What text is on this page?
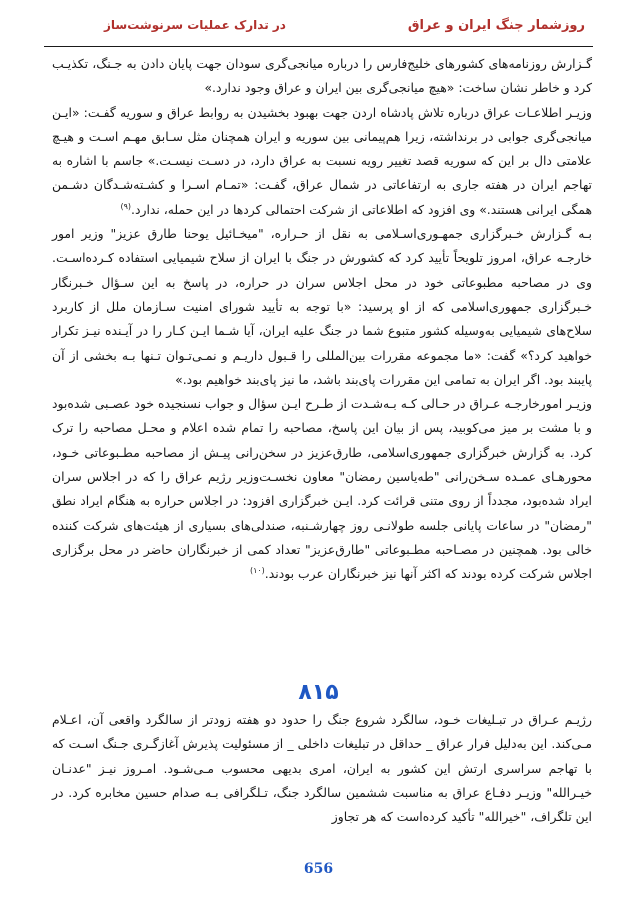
روزشمار جنگ ایران و عراق
در تدارک عملیات سرنوشت‌ساز

گـزارش روزنامه‌های کشورهای خلیج‌فارس را درباره میانجی‌گری سودان جهت پایان دادن به جـنگ، تکذیـب کرد و خاطر نشان ساخت: «هیچ میانجی‌گری بین ایران و عراق وجود ندارد.»

وزیـر اطلاعـات عراق درباره تلاش پادشاه اردن جهت بهبود بخشیدن به روابط عراق و سوریه گفـت: «ایـن میانجی‌گری جوابی در برنداشته، زیرا هم‌پیمانی بین سوریه و ایران همچنان مثل سـابق مهـم اسـت و هیـچ علامتی دال بر این که سوریه قصد تغییر رویه نسبت به عراق دارد، در دسـت نیسـت.» جاسم با اشاره به تهاجم ایران در هفته جاری به ارتفاعاتی در شمال عراق، گفـت: «تمـام اسـرا و کشـته‌شـدگان دشـمن همگی ایرانی هستند.» وی افزود که اطلاعاتی از شرکت احتمالی کردها در این حمله، ندارد.$^{(۹)}$

بـه گـزارش خـبرگزاری جمهـوری‌اسـلامی به نقل از حـراره، "میخـائیل یوحنا طارق عزیز" وزیر امور خارجـه عراق، امروز تلویحاً تأیید کرد که کشورش در جنگ با ایران از سلاح شیمیایی استفاده کـرده‌اسـت. وی در مصاحبه مطبوعاتی خود در محل اجلاس سران در حراره، در پاسخ به این سـؤال خـبرنگار خـبرگزاری جمهوری‌اسلامی که از او پرسید: «با توجه به تأیید شورای امنیت سـازمان ملل از کاربرد سلاح‌های شیمیایی به‌وسیله کشور متبوع شما در جنگ علیه ایران، آیا شـما ایـن کـار را در آیـنده نیـز تکرار خواهید کرد؟» گفت: «ما مجموعه مقررات بین‌المللی را قـبول داریـم و نمـی‌تـوان تـنها بـه بخشی از آن پایبند بود. اگر ایران به تمامی این مقررات پای‌بند باشد، ما نیز پای‌بند خواهیم بود.»

وزیـر امورخارجـه عـراق در حـالی کـه بـه‌شـدت از طـرح ایـن سؤال و جواب نسنجیده خود عصـبی شده‌بود و با مشت بر میز می‌کوبید، پس از بیان این پاسخ، مصاحبه را تمام شده اعلام و محـل مصاحبه را ترک کرد. به گزارش خبرگزاری جمهوری‌اسلامی، طارق‌عزیز در سخن‌رانی پیـش از مصاحبه مطـبوعاتی خـود، محورهـای عمـده سـخن‌رانی "طه‌یاسین رمضان" معاون نخسـت‌وزیر رژیم عراق را که در اجلاس سران ایراد شده‌بود، مجدداً از روی متنی قرائت کرد. ایـن خبرگزاری افزود: در اجلاس حراره به هنگام ایراد نطق "رمضان" در ساعات پایانی جلسه طولانـی روز چهارشـنبه، صندلی‌های بسیاری از هیئت‌های شرکت کننده خالی بود. همچنین در مصـاحبه مطـبوعاتی "طارق‌عزیز" تعداد کمی از خبرنگاران حاضر در محل برگزاری اجلاس شرکت کرده بودند که اکثر آنها نیز خبرنگاران عرب بودند.$^{(۱۰)}$

۸۱۵

رژیـم عـراق در تبـلیغات خـود، سالگرد شروع جنگ را حدود دو هفته زودتر از سالگرد واقعی آن، اعـلام مـی‌کند. این به‌دلیل فرار عراق _ حداقل در تبلیغات داخلی _ از مسئولیت پذیرش آغازگـری جـنگ اسـت که با تهاجم سراسری ارتش این کشور به ایران، امری بدیهی محسوب مـی‌شـود. امـروز نیـز "عدنـان خیـرالله" وزیـر دفـاع عراق به مناسبت ششمین سالگرد جنگ، تـلگرافی بـه صدام حسین مخابره کرد. در این تلگراف، "خیرالله" تأکید کرده‌است که هر تجاوز

656
